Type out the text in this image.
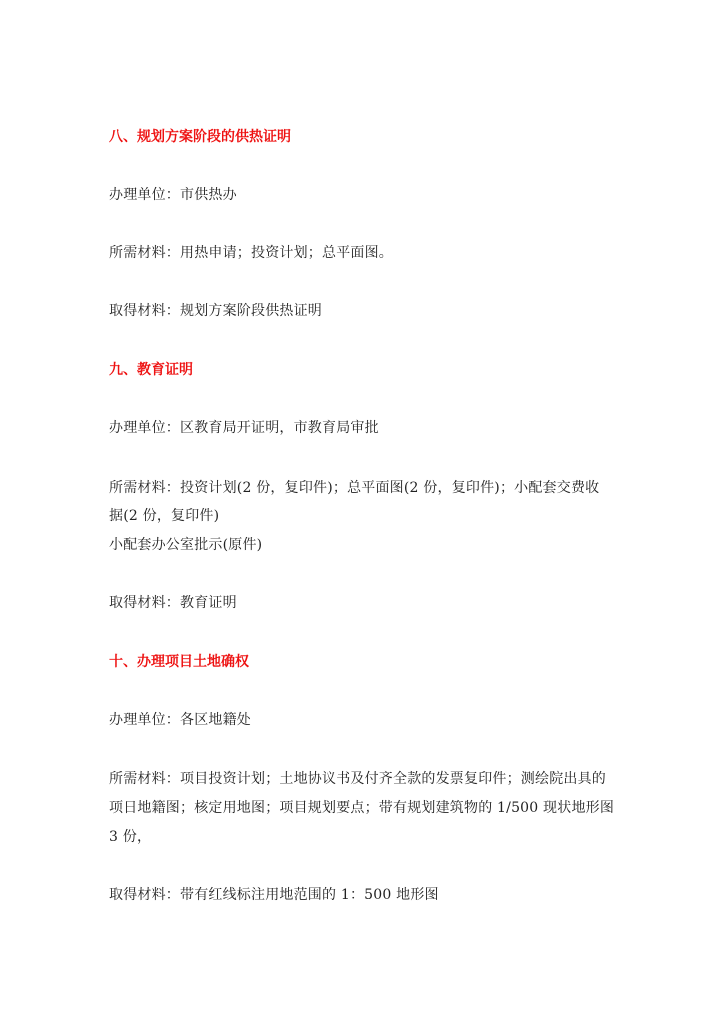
八、规划方案阶段的供热证明
办理单位：市供热办
所需材料：用热申请；投资计划；总平面图。
取得材料：规划方案阶段供热证明
九、教育证明
办理单位：区教育局开证明，市教育局审批
所需材料：投资计划(2 份，复印件)；总平面图(2 份，复印件)；小配套交费收
据(2 份，复印件)
小配套办公室批示(原件)
取得材料：教育证明
十、办理项目土地确权
办理单位：各区地籍处
所需材料：项目投资计划；土地协议书及付齐全款的发票复印件；测绘院出具的
项日地籍图；核定用地图；项目规划要点；带有规划建筑物的 1/500 现状地形图
3 份，
取得材料：带有红线标注用地范围的 1：500 地形图
